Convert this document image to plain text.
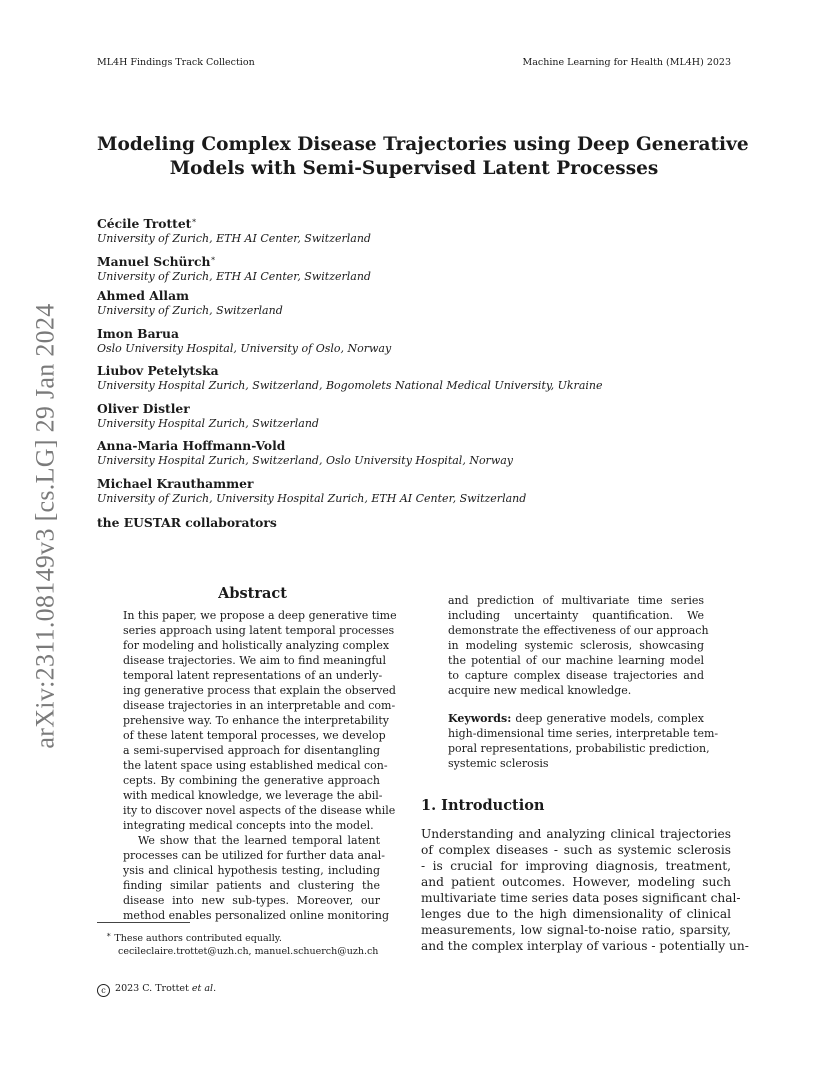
ML4H Findings Track Collection	Machine Learning for Health (ML4H) 2023
arXiv:2311.08149v3 [cs.LG] 29 Jan 2024
Modeling Complex Disease Trajectories using Deep Generative
Models with Semi-Supervised Latent Processes
Cécile Trottet∗
University of Zurich, ETH AI Center, Switzerland
Manuel Schürch∗
University of Zurich, ETH AI Center, Switzerland
Ahmed Allam
University of Zurich, Switzerland
Imon Barua
Oslo University Hospital, University of Oslo, Norway
Liubov Petelytska
University Hospital Zurich, Switzerland, Bogomolets National Medical University, Ukraine
Oliver Distler
University Hospital Zurich, Switzerland
Anna-Maria Hoffmann-Vold
University Hospital Zurich, Switzerland, Oslo University Hospital, Norway
Michael Krauthammer
University of Zurich, University Hospital Zurich, ETH AI Center, Switzerland
the EUSTAR collaborators
Abstract
In this paper, we propose a deep generative time
series approach using latent temporal processes
for modeling and holistically analyzing complex
disease trajectories. We aim to find meaningful
temporal latent representations of an underly-
ing generative process that explain the observed
disease trajectories in an interpretable and com-
prehensive way. To enhance the interpretability
of these latent temporal processes, we develop
a semi-supervised approach for disentangling
the latent space using established medical con-
cepts. By combining the generative approach
with medical knowledge, we leverage the abil-
ity to discover novel aspects of the disease while
integrating medical concepts into the model.
We show that the learned temporal latent
processes can be utilized for further data anal-
ysis and clinical hypothesis testing, including
finding similar patients and clustering the
disease into new sub-types. Moreover, our
method enables personalized online monitoring
and prediction of multivariate time series
including uncertainty quantification. We
demonstrate the effectiveness of our approach
in modeling systemic sclerosis, showcasing
the potential of our machine learning model
to capture complex disease trajectories and
acquire new medical knowledge.
Keywords: deep generative models, complex
high-dimensional time series, interpretable tem-
poral representations, probabilistic prediction,
systemic sclerosis
1. Introduction
Understanding and analyzing clinical trajectories
of complex diseases - such as systemic sclerosis
- is crucial for improving diagnosis, treatment,
and patient outcomes. However, modeling such
multivariate time series data poses significant chal-
lenges due to the high dimensionality of clinical
measurements, low signal-to-noise ratio, sparsity,
and the complex interplay of various - potentially un-
∗ These authors contributed equally.
cecileclaire.trottet@uzh.ch, manuel.schuerch@uzh.ch
c 2023 C. Trottet et al.
